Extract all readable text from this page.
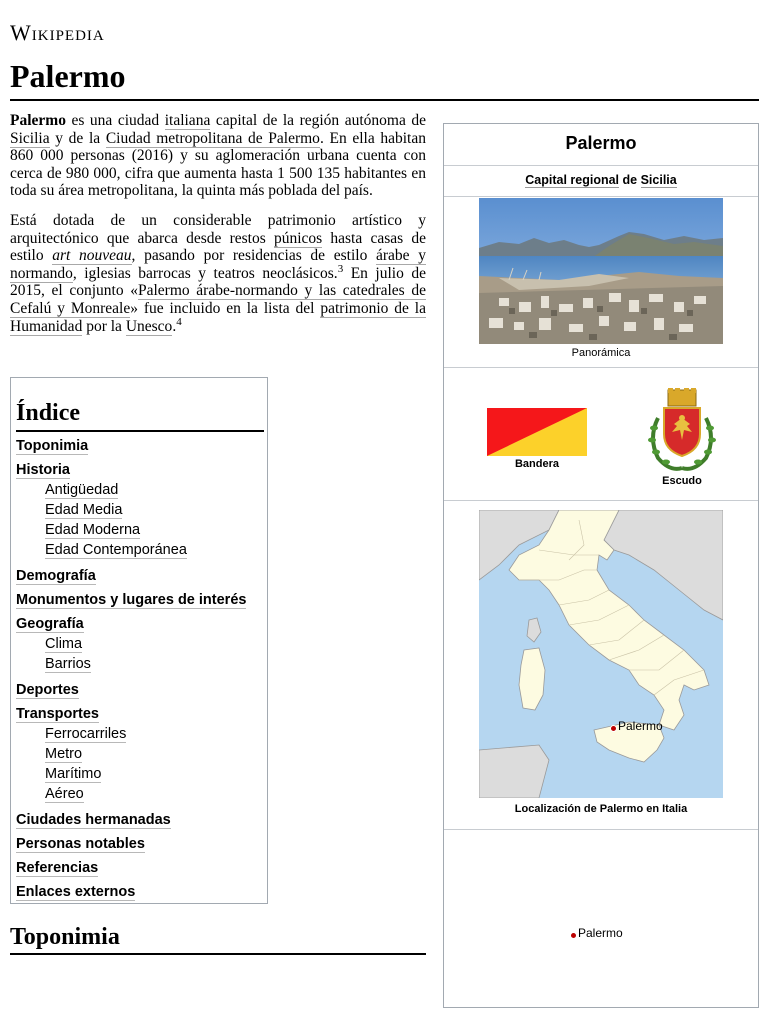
Wikipedia
Palermo

Palermo es una ciudad italiana capital de la región autónoma de Sicilia y de la Ciudad metropolitana de Palermo. En ella habitan 860 000 personas (2016) y su aglomeración urbana cuenta con cerca de 980 000, cifra que aumenta hasta 1 500 135 habitantes en toda su área metropolitana, la quinta más poblada del país.

Está dotada de un considerable patrimonio artístico y arquitectónico que abarca desde restos púnicos hasta casas de estilo art nouveau, pasando por residencias de estilo árabe y normando, iglesias barrocas y teatros neoclásicos.$^3$ En julio de 2015, el conjunto «Palermo árabe-normando y las catedrales de Cefalú y Monreale» fue incluido en la lista del patrimonio de la Humanidad por la Unesco.$^4$

Índice
Toponimia
Historia
Antigüedad
Edad Media
Edad Moderna
Edad Contemporánea
Demografía
Monumentos y lugares de interés
Geografía
Clima
Barrios
Deportes
Transportes
Ferrocarriles
Metro
Marítimo
Aéreo
Ciudades hermanadas
Personas notables
Referencias
Enlaces externos
Toponimia
Palermo
Capital regional de Sicilia
Panorámica
Bandera
Escudo
Palermo
Localización de Palermo en Italia
Palermo
